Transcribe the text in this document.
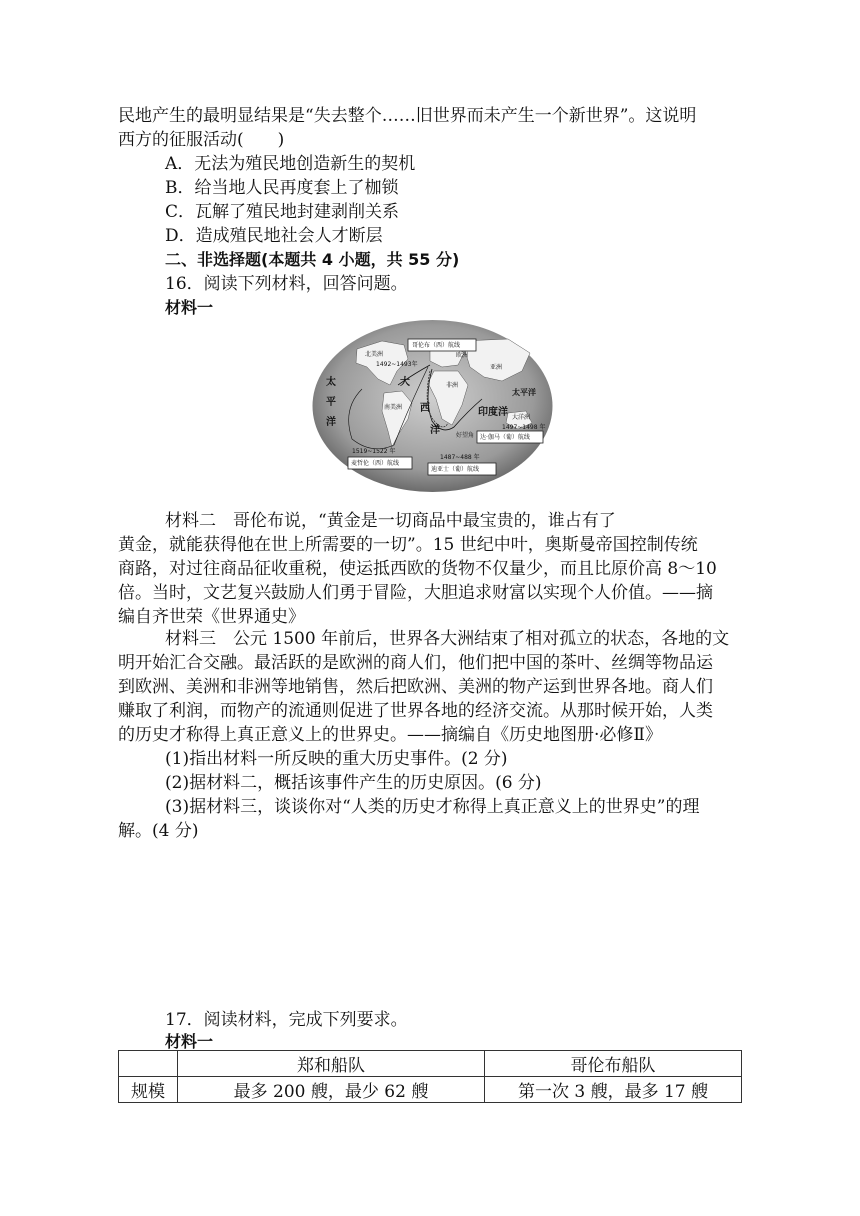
民地产生的最明显结果是“失去整个……旧世界而未产生一个新世界”。这说明
西方的征服活动(　　)
A．无法为殖民地创造新生的契机
B．给当地人民再度套上了枷锁
C．瓦解了殖民地封建剥削关系
D．造成殖民地社会人才断层
二、非选择题(本题共 4 小题，共 55 分)
16．阅读下列材料，回答问题。
材料一
哥伦布（西）航线
北美洲	欧洲
1492~1493年	亚洲
非洲
南美洲
大洋洲
1497~1498 年
好望角
1519~1522 年
1487~488 年
达·伽马（葡）航线
麦哲伦（西）航线
迪亚士（葡）航线
太
平
洋
大
西
洋
印度洋
太平洋
材料二　哥伦布说，“黄金是一切商品中最宝贵的，谁占有了
黄金，就能获得他在世上所需要的一切”。15 世纪中叶，奥斯曼帝国控制传统
商路，对过往商品征收重税，使运抵西欧的货物不仅量少，而且比原价高 8～10
倍。当时，文艺复兴鼓励人们勇于冒险，大胆追求财富以实现个人价值。——摘
编自齐世荣《世界通史》
材料三　公元 1500 年前后，世界各大洲结束了相对孤立的状态，各地的文
明开始汇合交融。最活跃的是欧洲的商人们，他们把中国的茶叶、丝绸等物品运
到欧洲、美洲和非洲等地销售，然后把欧洲、美洲的物产运到世界各地。商人们
赚取了利润，而物产的流通则促进了世界各地的经济交流。从那时候开始，人类
的历史才称得上真正意义上的世界史。——摘编自《历史地图册·必修Ⅱ》
(1)指出材料一所反映的重大历史事件。(2 分)
(2)据材料二，概括该事件产生的历史原因。(6 分)
(3)据材料三，谈谈你对“人类的历史才称得上真正意义上的世界史”的理
解。(4 分)
17．阅读材料，完成下列要求。
材料一
	郑和船队	哥伦布船队
规模	最多 200 艘，最少 62 艘	第一次 3 艘，最多 17 艘
